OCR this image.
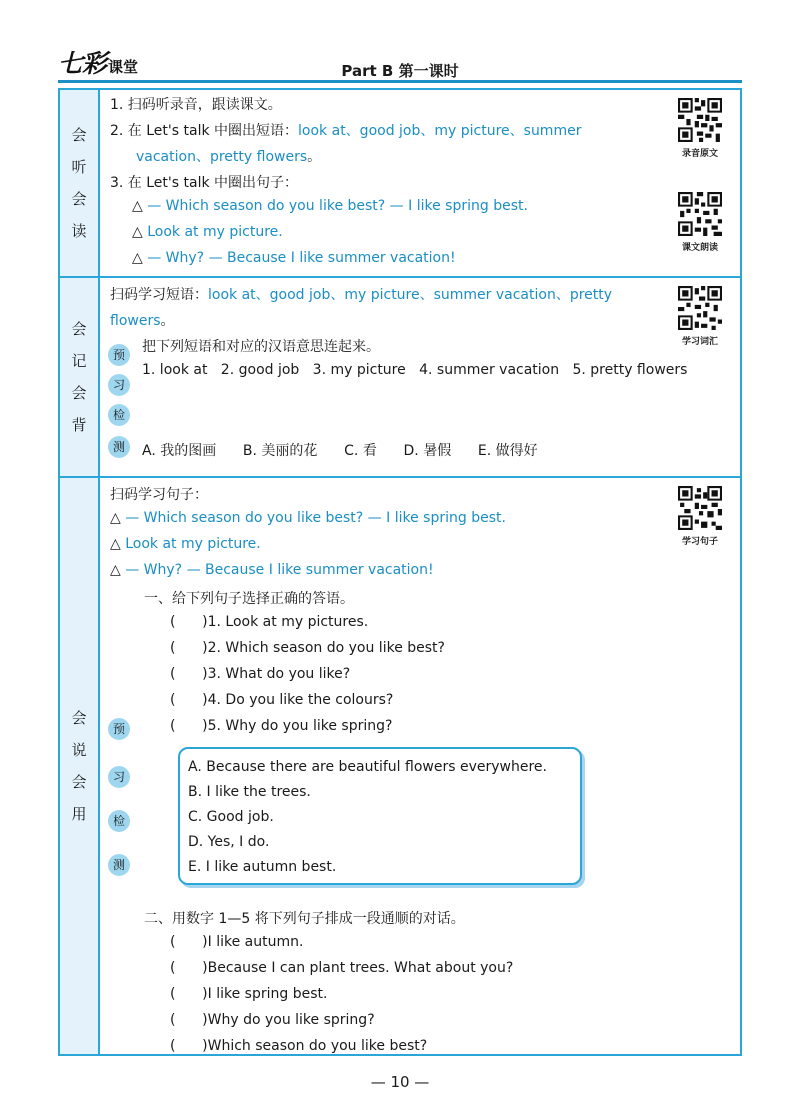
七彩 课堂	Part B 第一课时
会
听
会
读
1. 扫码听录音，跟读课文。
2. 在 Let's talk 中圈出短语：look at、good job、my picture、summer
vacation、pretty flowers。
3. 在 Let's talk 中圈出句子：
△ — Which season do you like best? — I like spring best.
△ Look at my picture.
△ — Why? — Because I like summer vacation!
录音原文
课文朗读
会
记
会
背
扫码学习短语：look at、good job、my picture、summer vacation、pretty
flowers。
预
习
检
测
把下列短语和对应的汉语意思连起来。
1. look at   2. good job   3. my picture   4. summer vacation   5. pretty flowers
A. 我的图画      B. 美丽的花      C. 看      D. 暑假      E. 做得好
学习词汇
会
说
会
用
扫码学习句子：
△ — Which season do you like best? — I like spring best.
△ Look at my picture.
△ — Why? — Because I like summer vacation!
学习句子
一、给下列句子选择正确的答语。
(      )1. Look at my pictures.
(      )2. Which season do you like best?
(      )3. What do you like?
(      )4. Do you like the colours?
(      )5. Why do you like spring?
预
习
检
测
二、用数字 1—5 将下列句子排成一段通顺的对话。
(      )I like autumn.
(      )Because I can plant trees. What about you?
(      )I like spring best.
(      )Why do you like spring?
(      )Which season do you like best?
A. Because there are beautiful flowers everywhere.
B. I like the trees.
C. Good job.
D. Yes, I do.
E. I like autumn best.
— 10 —
